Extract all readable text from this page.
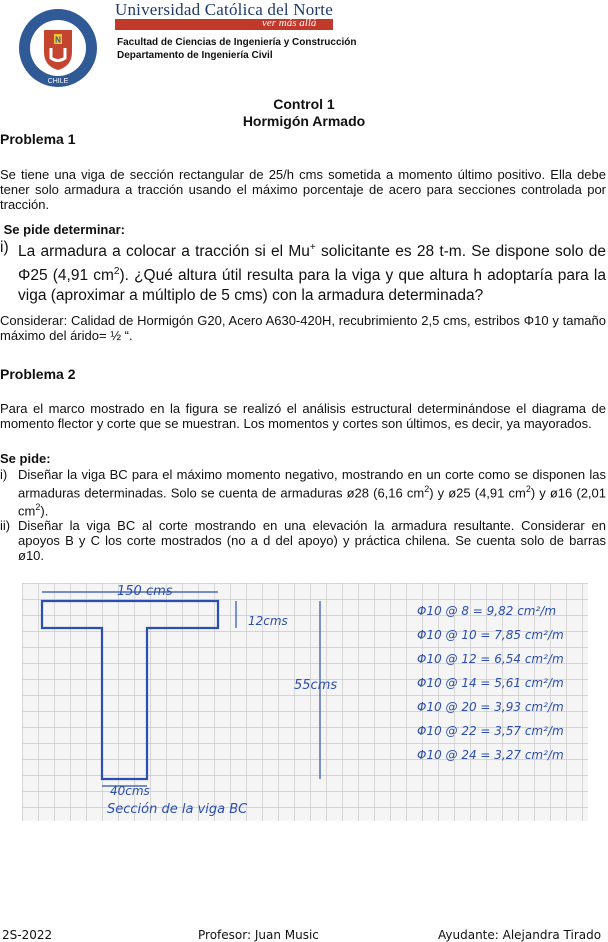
N
CHILE
Universidad Católica del Norte
ver más allá
Facultad de Ciencias de Ingeniería y Construcción
Departamento de Ingeniería Civil
Control 1
Hormigón Armado
Problema 1
Se tiene una viga de sección rectangular de 25/h cms sometida a momento último positivo. Ella debe tener solo armadura a tracción usando el máximo porcentaje de acero para secciones controlada por tracción.
Se pide determinar:
i) La armadura a colocar a tracción si el Mu+ solicitante es 28 t-m. Se dispone solo de Φ25 (4,91 $cm^2$). ¿Qué altura útil resulta para la viga y que altura h adoptaría para la viga (aproximar a múltiplo de 5 cms) con la armadura determinada?
Considerar: Calidad de Hormigón G20, Acero A630-420H, recubrimiento 2,5 cms, estribos Φ10 y tamaño máximo del árido= ½ “.
Problema 2
Para el marco mostrado en la figura se realizó el análisis estructural determinándose el diagrama de momento flector y corte que se muestran. Los momentos y cortes son últimos, es decir, ya mayorados.
Se pide:
i) Diseñar la viga BC para el máximo momento negativo, mostrando en un corte como se disponen las armaduras determinadas. Solo se cuenta de armaduras ø28 (6,16 $cm^2$) y ø25 (4,91 $cm^2$) y ø16 (2,01 $cm^2$).
ii) Diseñar la viga BC al corte mostrando en una elevación la armadura resultante. Considerar en apoyos B y C los corte mostrados (no a d del apoyo) y práctica chilena. Se cuenta solo de barras ø10.
150 cms
12cms
55cms
40cms
Sección de la viga BC
Φ10 @ 8 = 9,82 cm²/m
Φ10 @ 10 = 7,85 cm²/m
Φ10 @ 12 = 6,54 cm²/m
Φ10 @ 14 = 5,61 cm²/m
Φ10 @ 20 = 3,93 cm²/m
Φ10 @ 22 = 3,57 cm²/m
Φ10 @ 24 = 3,27 cm²/m
2S-2022	Profesor: Juan Music	Ayudante: Alejandra Tirado
